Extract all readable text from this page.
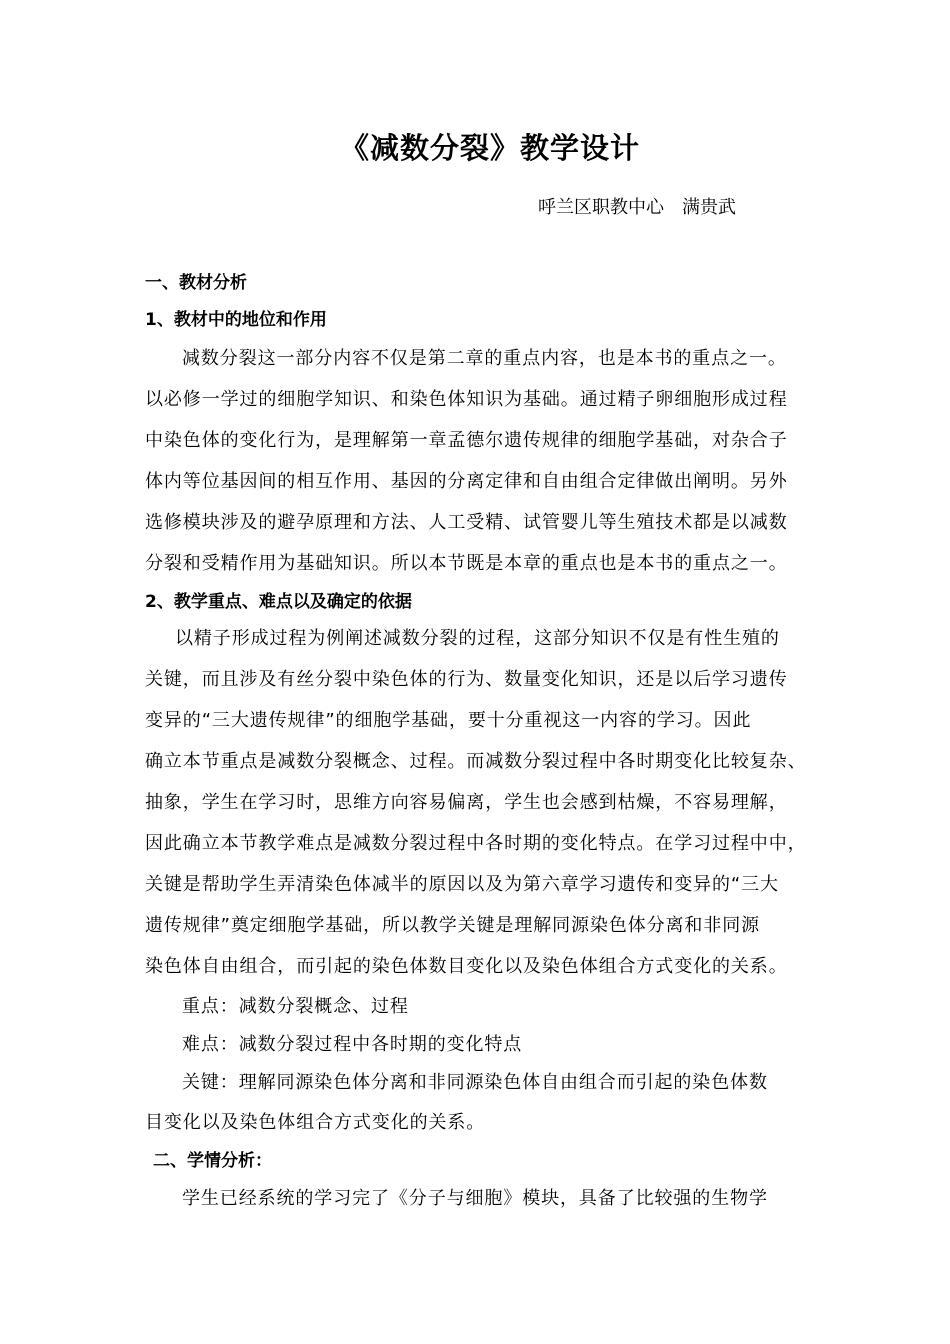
《减数分裂》教学设计
呼兰区职教中心　满贵武
一、教材分析
1、教材中的地位和作用
减数分裂这一部分内容不仅是第二章的重点内容，也是本书的重点之一。
以必修一学过的细胞学知识、和染色体知识为基础。通过精子卵细胞形成过程
中染色体的变化行为，是理解第一章孟德尔遗传规律的细胞学基础，对杂合子
体内等位基因间的相互作用、基因的分离定律和自由组合定律做出阐明。另外
选修模块涉及的避孕原理和方法、人工受精、试管婴儿等生殖技术都是以减数
分裂和受精作用为基础知识。所以本节既是本章的重点也是本书的重点之一。
2、教学重点、难点以及确定的依据
以精子形成过程为例阐述减数分裂的过程，这部分知识不仅是有性生殖的
关键，而且涉及有丝分裂中染色体的行为、数量变化知识，还是以后学习遗传
变异的“三大遗传规律”的细胞学基础，要十分重视这一内容的学习。因此
确立本节重点是减数分裂概念、过程。而减数分裂过程中各时期变化比较复杂、
抽象，学生在学习时，思维方向容易偏离，学生也会感到枯燥，不容易理解，
因此确立本节教学难点是减数分裂过程中各时期的变化特点。在学习过程中中，
关键是帮助学生弄清染色体减半的原因以及为第六章学习遗传和变异的“三大
遗传规律”奠定细胞学基础，所以教学关键是理解同源染色体分离和非同源
染色体自由组合，而引起的染色体数目变化以及染色体组合方式变化的关系。
重点：减数分裂概念、过程
难点：减数分裂过程中各时期的变化特点
关键：理解同源染色体分离和非同源染色体自由组合而引起的染色体数
目变化以及染色体组合方式变化的关系。
二、学情分析：
学生已经系统的学习完了《分子与细胞》模块，具备了比较强的生物学
